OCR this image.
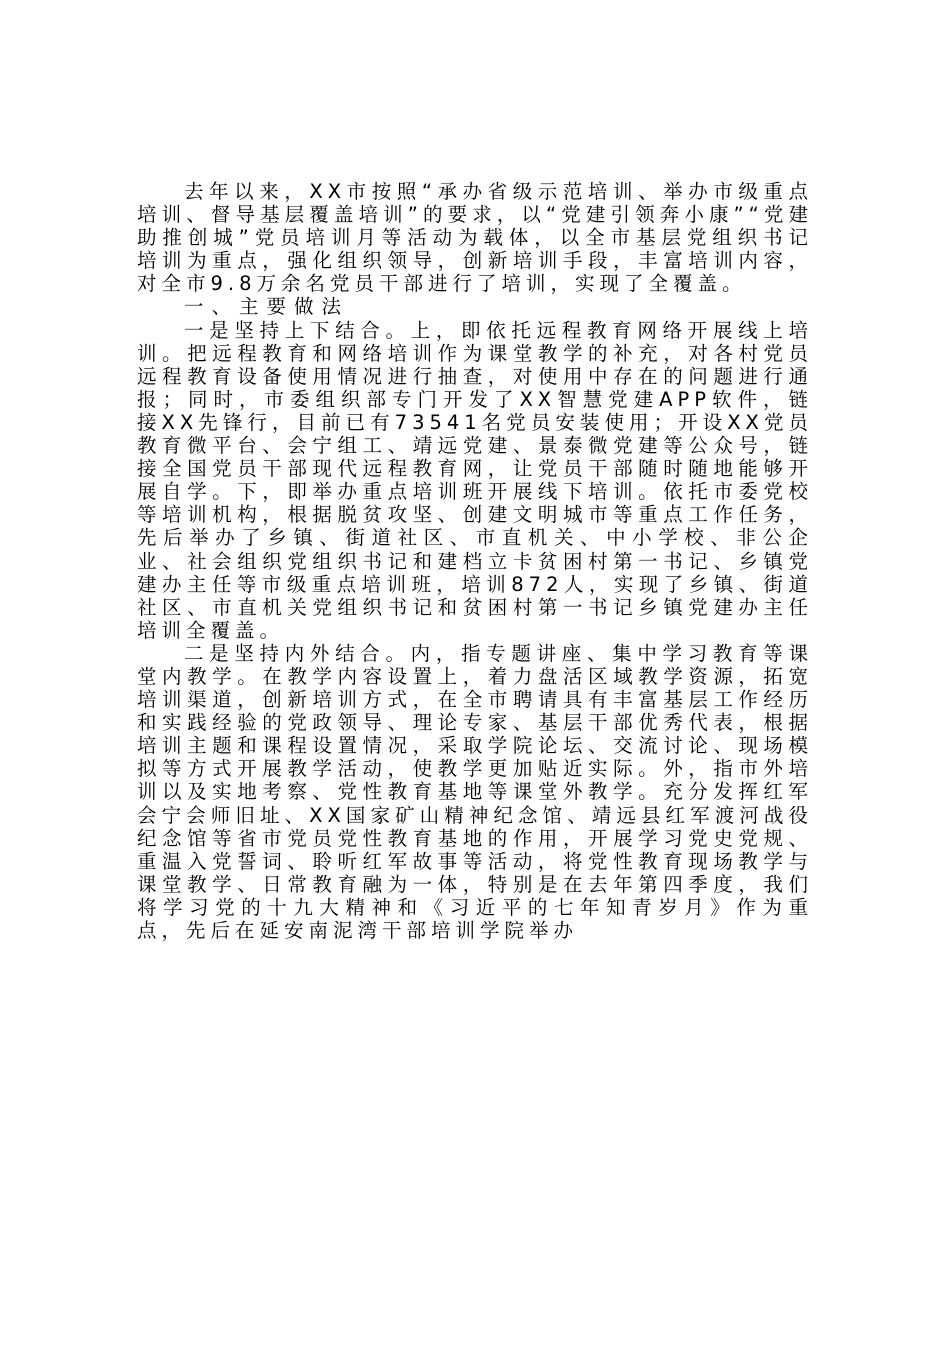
去年以来，XX市按照“承办省级示范培训、举办市级重点培训、督导基层覆盖培训”的要求，以“党建引领奔小康”“党建助推创城”党员培训月等活动为载体，以全市基层党组织书记培训为重点，强化组织领导，创新培训手段，丰富培训内容，对全市9.8万余名党员干部进行了培训，实现了全覆盖。

一、主要做法

一是坚持上下结合。上，即依托远程教育网络开展线上培训。把远程教育和网络培训作为课堂教学的补充，对各村党员远程教育设备使用情况进行抽查，对使用中存在的问题进行通报；同时，市委组织部专门开发了XX智慧党建APP软件，链接XX先锋行，目前已有73541名党员安装使用；开设XX党员教育微平台、会宁组工、靖远党建、景泰微党建等公众号，链接全国党员干部现代远程教育网，让党员干部随时随地能够开展自学。下，即举办重点培训班开展线下培训。依托市委党校等培训机构，根据脱贫攻坚、创建文明城市等重点工作任务，先后举办了乡镇、街道社区、市直机关、中小学校、非公企业、社会组织党组织书记和建档立卡贫困村第一书记、乡镇党建办主任等市级重点培训班，培训872人，实现了乡镇、街道社区、市直机关党组织书记和贫困村第一书记乡镇党建办主任培训全覆盖。

二是坚持内外结合。内，指专题讲座、集中学习教育等课堂内教学。在教学内容设置上，着力盘活区域教学资源，拓宽培训渠道，创新培训方式，在全市聘请具有丰富基层工作经历和实践经验的党政领导、理论专家、基层干部优秀代表，根据培训主题和课程设置情况，采取学院论坛、交流讨论、现场模拟等方式开展教学活动，使教学更加贴近实际。外，指市外培训以及实地考察、党性教育基地等课堂外教学。充分发挥红军会宁会师旧址、XX国家矿山精神纪念馆、靖远县红军渡河战役纪念馆等省市党员党性教育基地的作用，开展学习党史党规、重温入党誓词、聆听红军故事等活动，将党性教育现场教学与课堂教学、日常教育融为一体，特别是在去年第四季度，我们将学习党的十九大精神和《习近平的七年知青岁月》作为重点，先后在延安南泥湾干部培训学院举办
